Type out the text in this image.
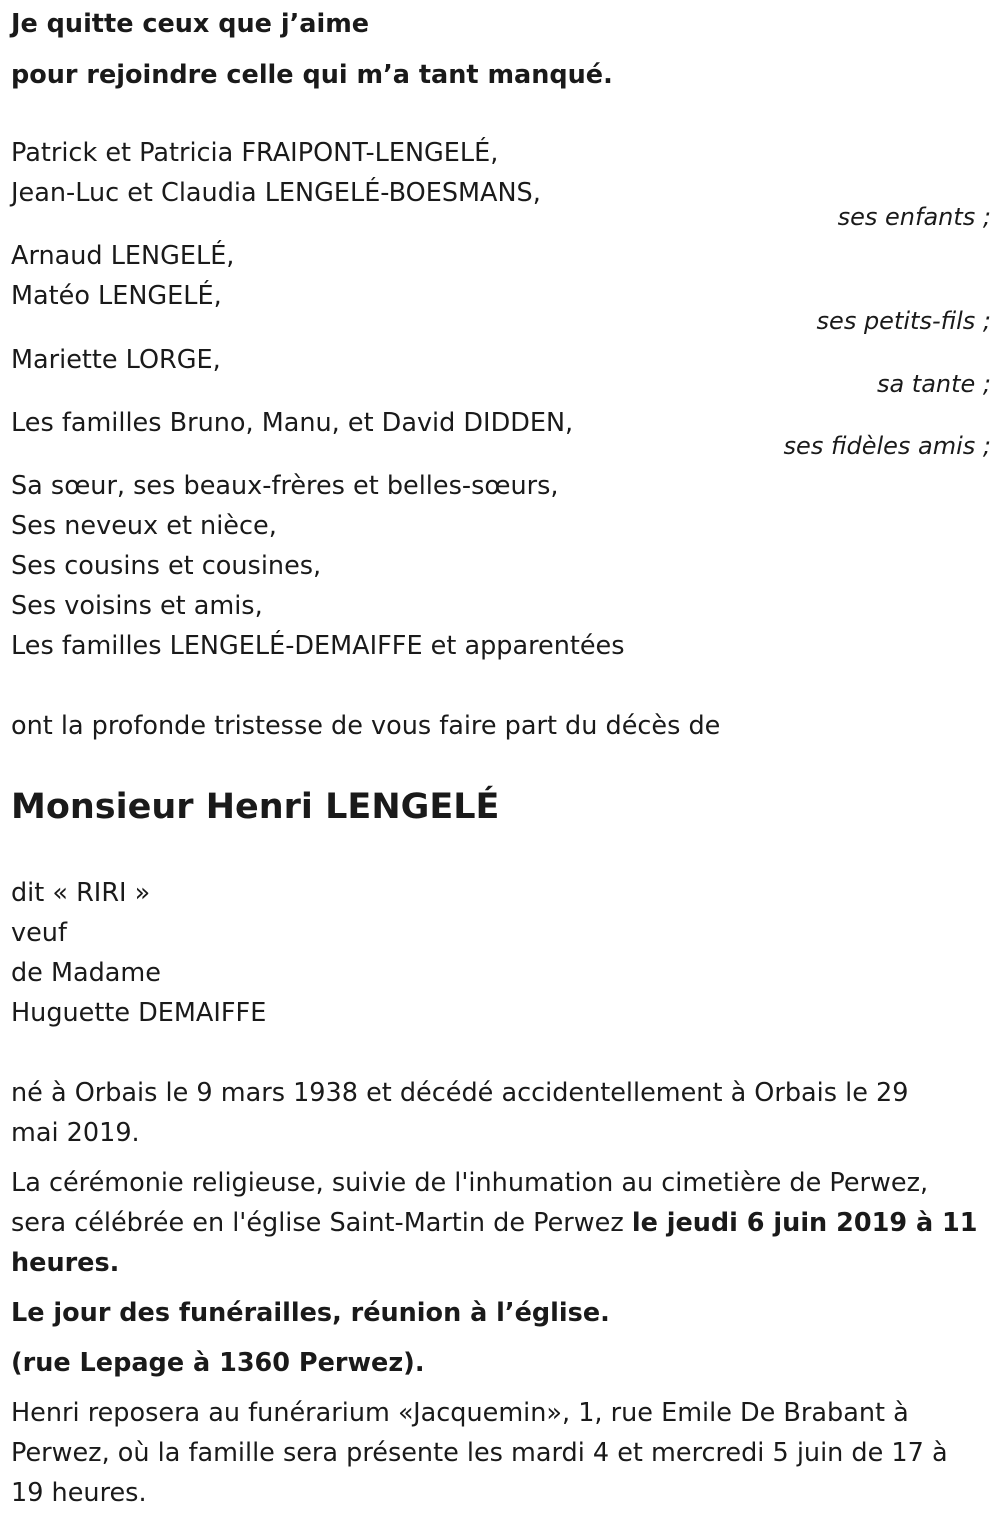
Je quitte ceux que j’aime
pour rejoindre celle qui m’a tant manqué.
Patrick et Patricia FRAIPONT-LENGELÉ,
Jean-Luc et Claudia LENGELÉ-BOESMANS,
ses enfants ;
Arnaud LENGELÉ,
Matéo LENGELÉ,
ses petits-fils ;
Mariette LORGE,
sa tante ;
Les familles Bruno, Manu, et David DIDDEN,
ses fidèles amis ;
Sa sœur, ses beaux-frères et belles-sœurs,
Ses neveux et nièce,
Ses cousins et cousines,
Ses voisins et amis,
Les familles LENGELÉ-DEMAIFFE et apparentées
ont la profonde tristesse de vous faire part du décès de
Monsieur Henri LENGELÉ
dit « RIRI »
veuf
de Madame
Huguette DEMAIFFE
né à Orbais le 9 mars 1938 et décédé accidentellement à Orbais le 29
mai 2019.
La cérémonie religieuse, suivie de l'inhumation au cimetière de Perwez,
sera célébrée en l'église Saint-Martin de Perwez le jeudi 6 juin 2019 à 11
heures.
Le jour des funérailles, réunion à l’église.
(rue Lepage à 1360 Perwez).
Henri reposera au funérarium «Jacquemin», 1, rue Emile De Brabant à
Perwez, où la famille sera présente les mardi 4 et mercredi 5 juin de 17 à
19 heures.
